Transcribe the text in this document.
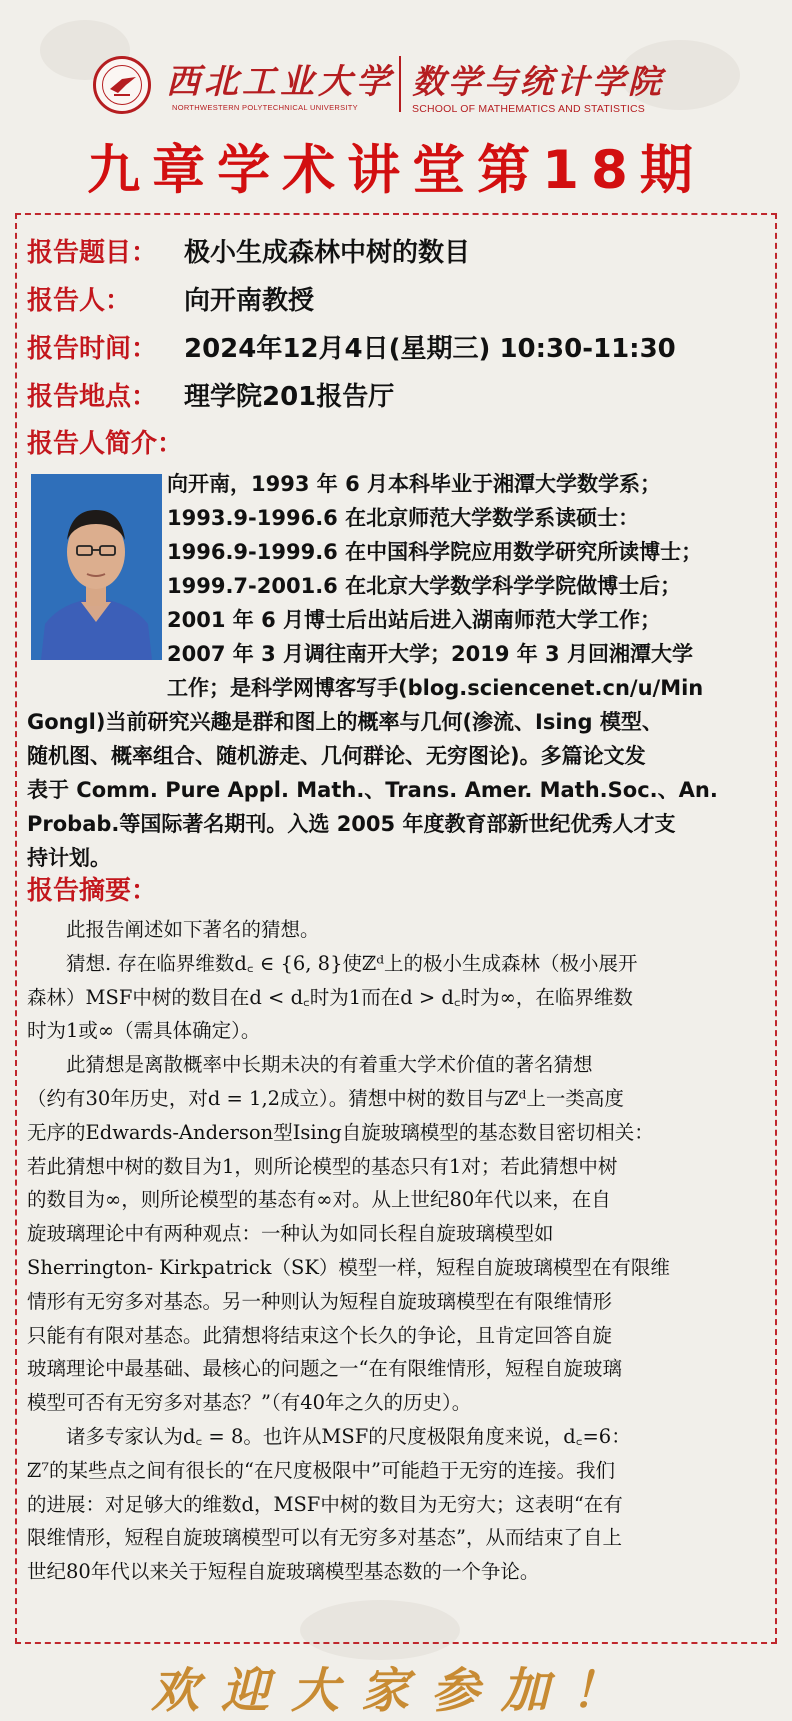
西北工业大学
NORTHWESTERN POLYTECHNICAL UNIVERSITY
数学与统计学院
SCHOOL OF MATHEMATICS AND STATISTICS
九章学术讲堂第18期
报告题目： 极小生成森林中树的数目
报告人： 向开南教授
报告时间： 2024年12月4日(星期三) 10:30-11:30
报告地点： 理学院201报告厅
报告人简介：
向开南，1993 年 6 月本科毕业于湘潭大学数学系；
1993.9-1996.6 在北京师范大学数学系读硕士：
1996.9-1999.6 在中国科学院应用数学研究所读博士；
1999.7-2001.6 在北京大学数学科学学院做博士后；
2001 年 6 月博士后出站后进入湖南师范大学工作；
2007 年 3 月调往南开大学；2019 年 3 月回湘潭大学
工作；是科学网博客写手(blog.sciencenet.cn/u/Min
Gongl)当前研究兴趣是群和图上的概率与几何(渗流、Ising 模型、
随机图、概率组合、随机游走、几何群论、无穷图论)。多篇论文发
表于 Comm. Pure Appl. Math.、Trans. Amer. Math.Soc.、An.
Probab.等国际著名期刊。入选 2005 年度教育部新世纪优秀人才支
持计划。
报告摘要：
　　此报告阐述如下著名的猜想。
　　猜想. 存在临界维数d꜀ ∈ {6, 8}使ℤᵈ上的极小生成森林（极小展开
森林）MSF中树的数目在d < d꜀时为1而在d > d꜀时为∞，在临界维数
时为1或∞（需具体确定）。
　　此猜想是离散概率中长期未决的有着重大学术价值的著名猜想
（约有30年历史，对d = 1,2成立）。猜想中树的数目与ℤᵈ上一类高度
无序的Edwards-Anderson型Ising自旋玻璃模型的基态数目密切相关：
若此猜想中树的数目为1，则所论模型的基态只有1对；若此猜想中树
的数目为∞，则所论模型的基态有∞对。从上世纪80年代以来，在自
旋玻璃理论中有两种观点：一种认为如同长程自旋玻璃模型如
Sherrington- Kirkpatrick（SK）模型一样，短程自旋玻璃模型在有限维
情形有无穷多对基态。另一种则认为短程自旋玻璃模型在有限维情形
只能有有限对基态。此猜想将结束这个长久的争论，且肯定回答自旋
玻璃理论中最基础、最核心的问题之一“在有限维情形，短程自旋玻璃
模型可否有无穷多对基态？”（有40年之久的历史）。
　　诸多专家认为d꜀ = 8。也许从MSF的尺度极限角度来说，d꜀=6：
ℤ⁷的某些点之间有很长的“在尺度极限中”可能趋于无穷的连接。我们
的进展：对足够大的维数d，MSF中树的数目为无穷大；这表明“在有
限维情形，短程自旋玻璃模型可以有无穷多对基态”，从而结束了自上
世纪80年代以来关于短程自旋玻璃模型基态数的一个争论。
欢迎大家参加！
